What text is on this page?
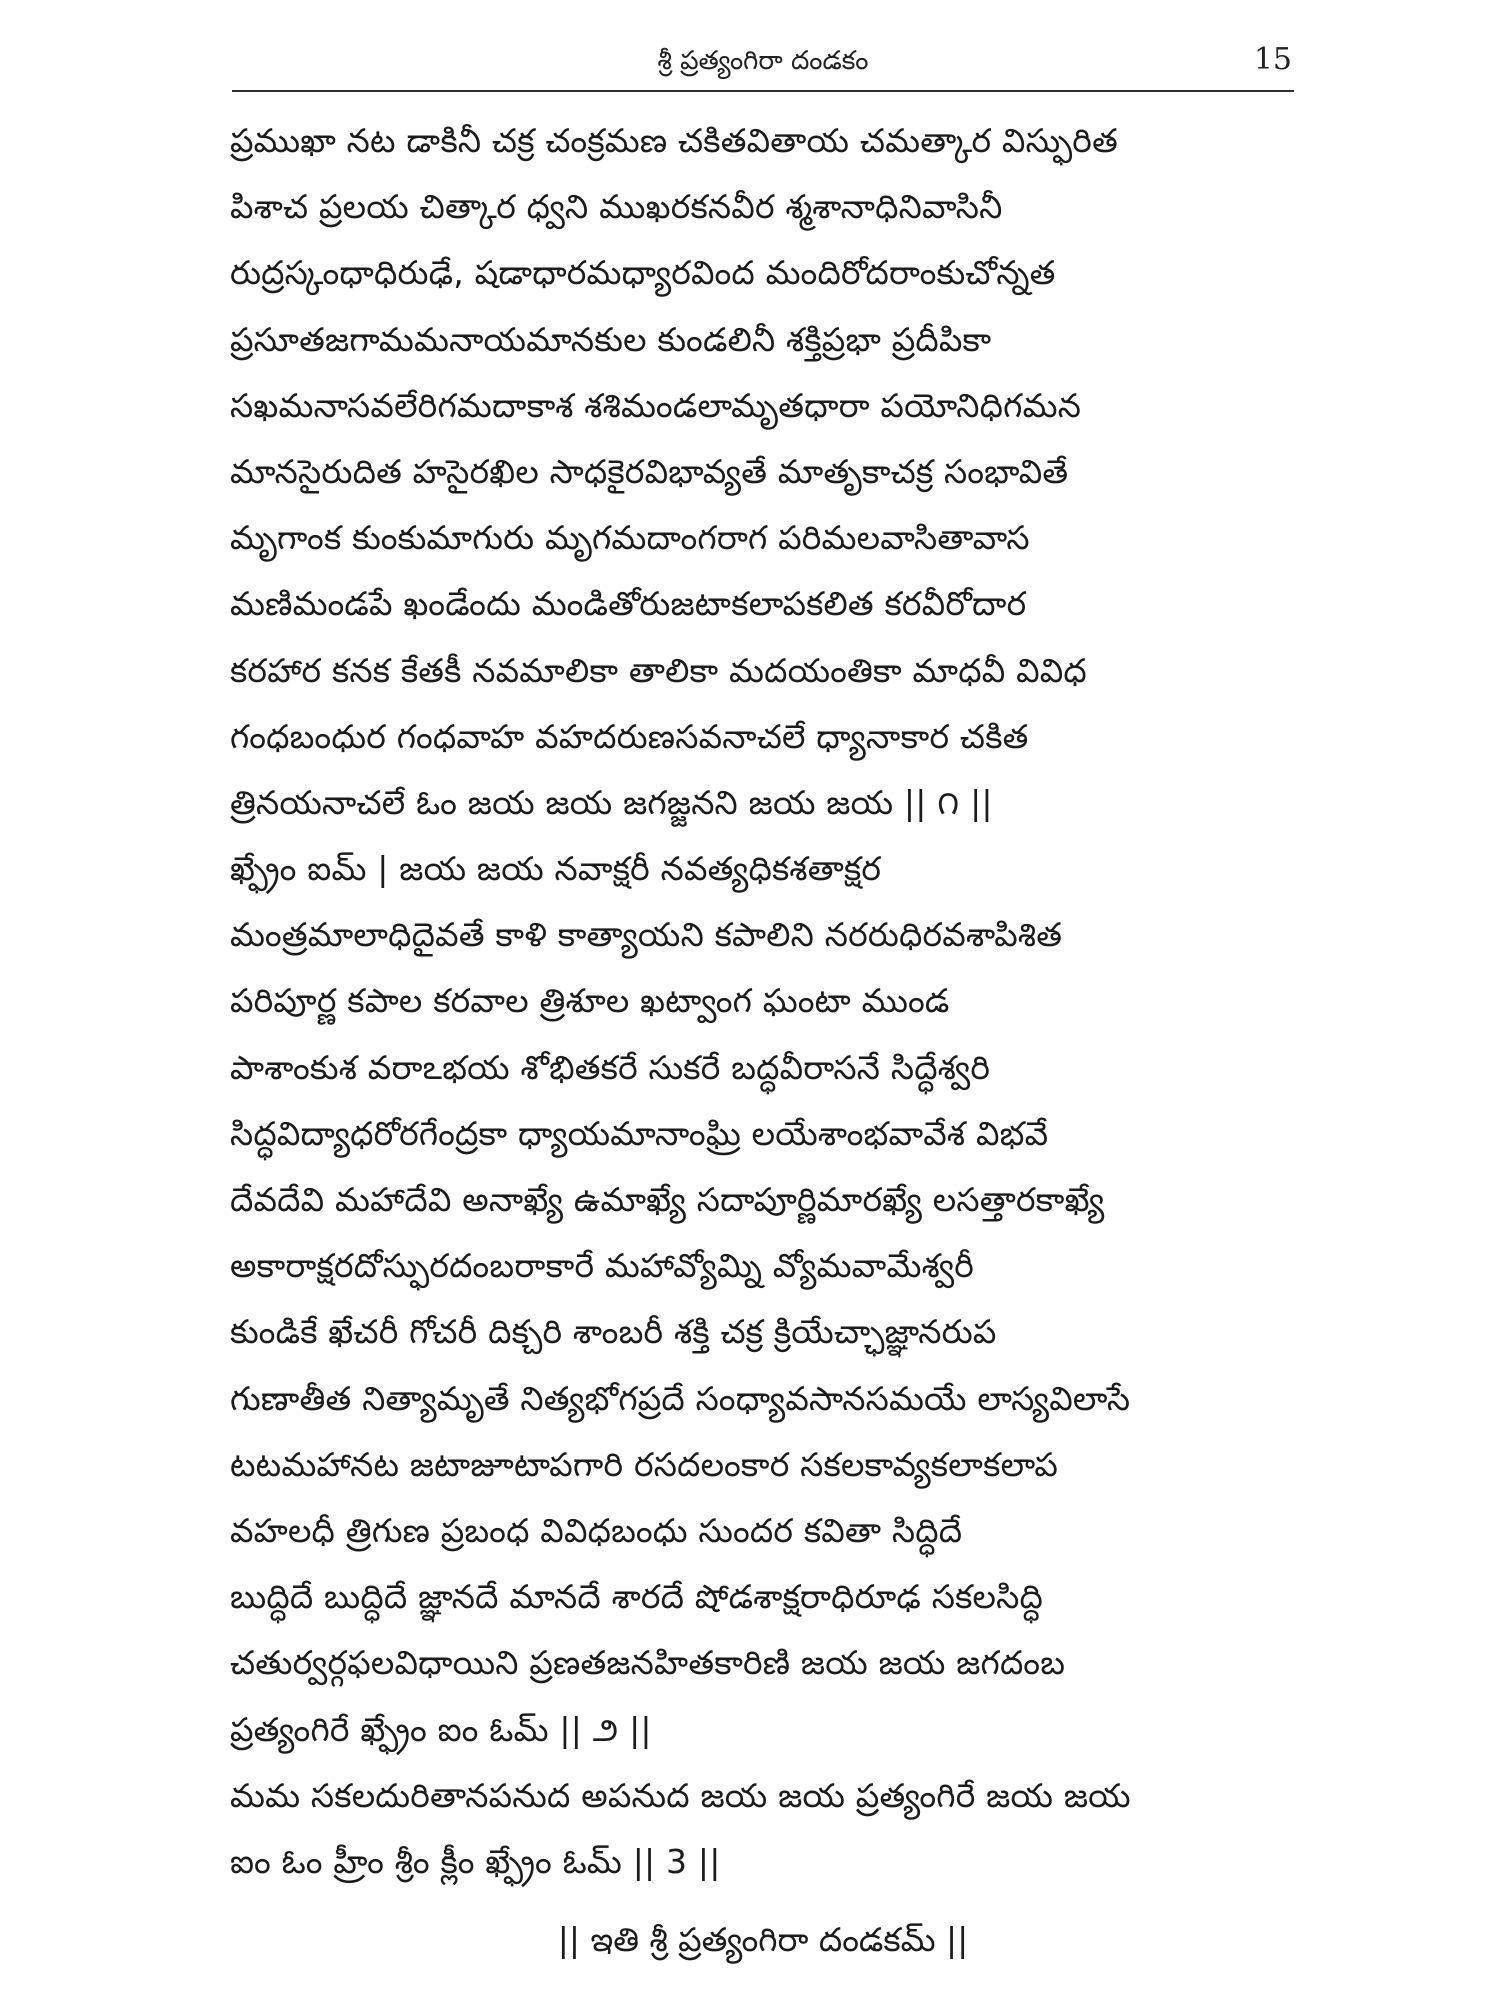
శ్రీ ప్రత్యంగిరా దండకం	15
ప్రముఖా నట డాకినీ చక్ర చంక్రమణ చకితవితాయ చమత్కార విస్ఫురిత
పిశాచ ప్రలయ చిత్కార ధ్వని ముఖరకనవీర శ్మశానాధినివాసినీ
రుద్రస్కంధాధిరుఢే, షడాధారమధ్యారవింద మందిరోదరాంకుచోన్నత
ప్రసూతజగామమనాయమానకుల కుండలినీ శక్తిప్రభా ప్రదీపికా
సఖమనాసవలేరిగమదాకాశ శశిమండలామృతధారా పయోనిధిగమన
మానసైరుదిత హసైరఖిల సాధకైరవిభావ్యతే మాతృకాచక్ర సంభావితే
మృగాంక కుంకుమాగురు మృగమదాంగరాగ పరిమలవాసితావాస
మణిమండపే ఖండేందు మండితోరుజటాకలాపకలిత కరవీరోదార
కరహార కనక కేతకీ నవమాలికా తాలికా మదయంతికా మాధవీ వివిధ
గంధబంధుర గంధవాహ వహదరుణసవనాచలే ధ్యానాకార చకిత
త్రినయనాచలే ఓం జయ జయ జగజ్జనని జయ జయ || ౧ ||
ఖ్ఫ్రేం ఐమ్ | జయ జయ నవాక్షరీ నవత్యధికశతాక్షర
మంత్రమాలాధిదైవతే కాళి కాత్యాయని కపాలిని నరరుధిరవశాపిశిత
పరిపూర్ణ కపాల కరవాల త్రిశూల ఖట్వాంగ ఘంటా ముండ
పాశాంకుశ వరాఽభయ శోభితకరే సుకరే బద్ధవీరాసనే సిద్ధేశ్వరి
సిద్ధవిద్యాధరోరగేంద్రకా ధ్యాయమానాంఘ్రి లయేశాంభవావేశ విభవే
దేవదేవి మహాదేవి అనాఖ్యే ఉమాఖ్యే సదాపూర్ణిమారఖ్యే లసత్తారకాఖ్యే
అకారాక్షరదోస్ఫురదంబరాకారే మహావ్యోమ్ని వ్యోమవామేశ్వరీ
కుండికే ఖేచరీ గోచరీ దిక్చరి శాంబరీ శక్తి చక్ర క్రియేచ్ఛాజ్ఞానరుప
గుణాతీత నిత్యామృతే నిత్యభోగప్రదే సంధ్యావసానసమయే లాస్యవిలాసే
టటమహానట జటాజూటాపగారి రసదలంకార సకలకావ్యకలాకలాప
వహలధీ త్రిగుణ ప్రబంధ వివిధబంధు సుందర కవితా సిద్ధిదే
బుద్ధిదే బుద్ధిదే జ్ఞానదే మానదే శారదే షోడశాక్షరాధిరూఢ సకలసిద్ధి
చతుర్వర్గఫలవిధాయిని ప్రణతజనహితకారిణి జయ జయ జగదంబ
ప్రత్యంగిరే ఖ్ఫ్రేం ఐం ఓమ్ || ౨ ||
మమ సకలదురితానపనుద అపనుద జయ జయ ప్రత్యంగిరే జయ జయ
ఐం ఓం హ్రీం శ్రీం క్లీం ఖ్ఫ్రేం ఓమ్ || 3 ||
|| ఇతి శ్రీ ప్రత్యంగిరా దండకమ్ ||
